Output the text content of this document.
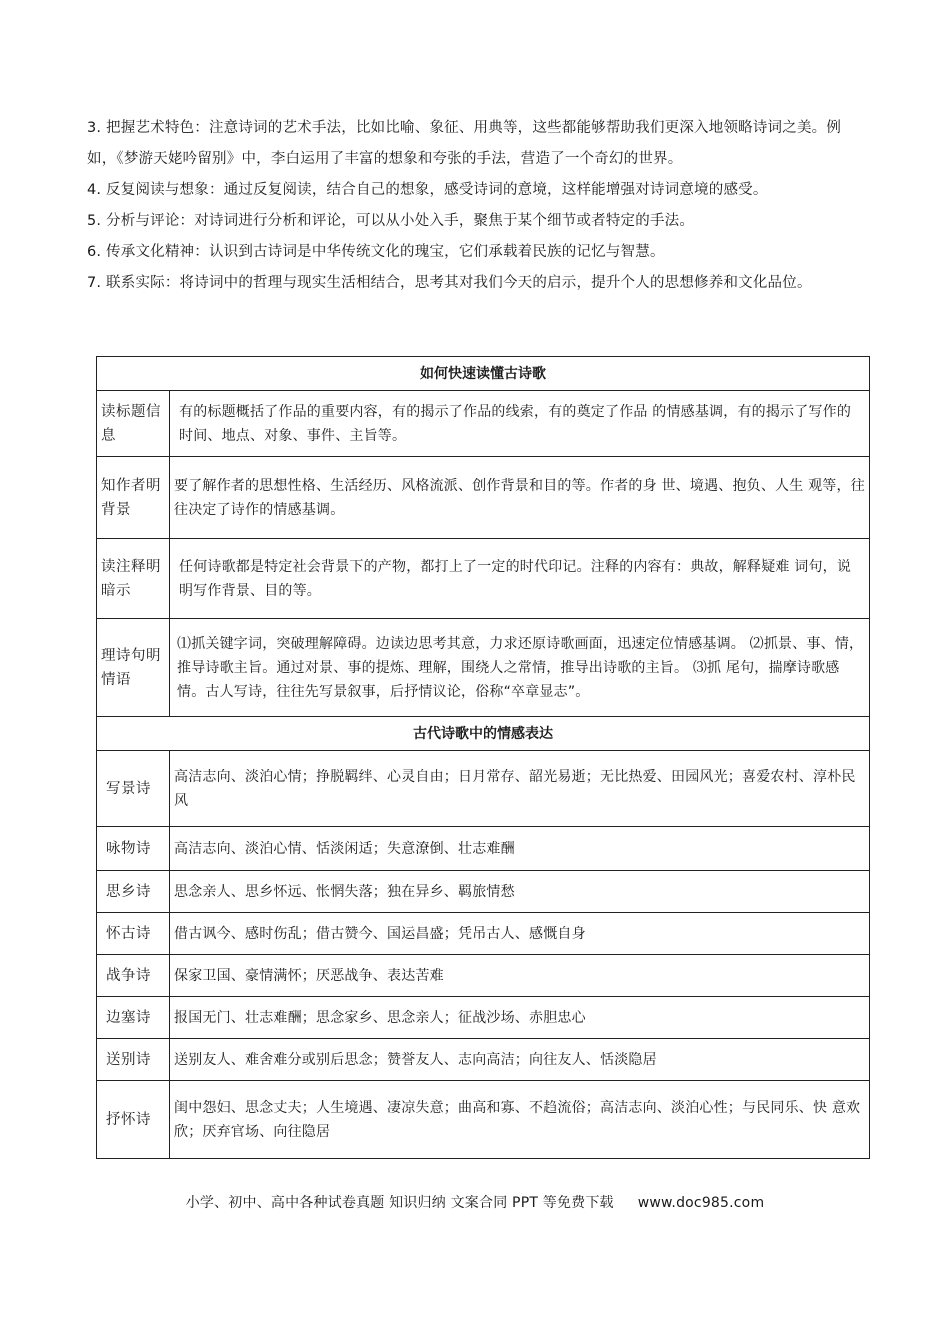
3. 把握艺术特色：注意诗词的艺术手法，比如比喻、象征、用典等，这些都能够帮助我们更深入地领略诗词之美。例如，《梦游天姥吟留别》中，李白运用了丰富的想象和夸张的手法，营造了一个奇幻的世界。

4. 反复阅读与想象：通过反复阅读，结合自己的想象，感受诗词的意境，这样能增强对诗词意境的感受。

5. 分析与评论：对诗词进行分析和评论，可以从小处入手，聚焦于某个细节或者特定的手法。

6. 传承文化精神：认识到古诗词是中华传统文化的瑰宝，它们承载着民族的记忆与智慧。

7. 联系实际：将诗词中的哲理与现实生活相结合，思考其对我们今天的启示，提升个人的思想修养和文化品位。

如何快速读懂古诗歌	
读标题信息	有的标题概括了作品的重要内容，有的揭示了作品的线索，有的奠定了作品 的情感基调，有的揭示了写作的时间、地点、对象、事件、主旨等。
知作者明背景	要了解作者的思想性格、生活经历、风格流派、创作背景和目的等。作者的身 世、境遇、抱负、人生 观等，往往决定了诗作的情感基调。
读注释明暗示	任何诗歌都是特定社会背景下的产物，都打上了一定的时代印记。注释的内容有：典故，解释疑难 词句，说明写作背景、目的等。
理诗句明情语	⑴抓关键字词，突破理解障碍。边读边思考其意，力求还原诗歌画面，迅速定位情感基调。 ⑵抓景、事、情，推导诗歌主旨。通过对景、事的提炼、理解，围绕人之常情，推导出诗歌的主旨。 ⑶抓 尾句，揣摩诗歌感情。古人写诗，往往先写景叙事，后抒情议论，俗称“卒章显志”。
古代诗歌中的情感表达	
写景诗	高洁志向、淡泊心情；挣脱羁绊、心灵自由；日月常存、韶光易逝；无比热爱、田园风光；喜爱农村、淳朴民风
咏物诗	高洁志向、淡泊心情、恬淡闲适；失意潦倒、壮志难酬
思乡诗	思念亲人、思乡怀远、怅惘失落；独在异乡、羁旅情愁
怀古诗	借古讽今、感时伤乱；借古赞今、国运昌盛；凭吊古人、感慨自身
战争诗	保家卫国、豪情满怀；厌恶战争、表达苦难
边塞诗	报国无门、壮志难酬；思念家乡、思念亲人；征战沙场、赤胆忠心
送别诗	送别友人、难舍难分或别后思念；赞誉友人、志向高洁；向往友人、恬淡隐居
抒怀诗	闺中怨妇、思念丈夫；人生境遇、凄凉失意；曲高和寡、不趋流俗；高洁志向、淡泊心性；与民同乐、快 意欢欣；厌弃官场、向往隐居
小学、初中、高中各种试卷真题 知识归纳 文案合同 PPT 等免费下载 www.doc985.com
